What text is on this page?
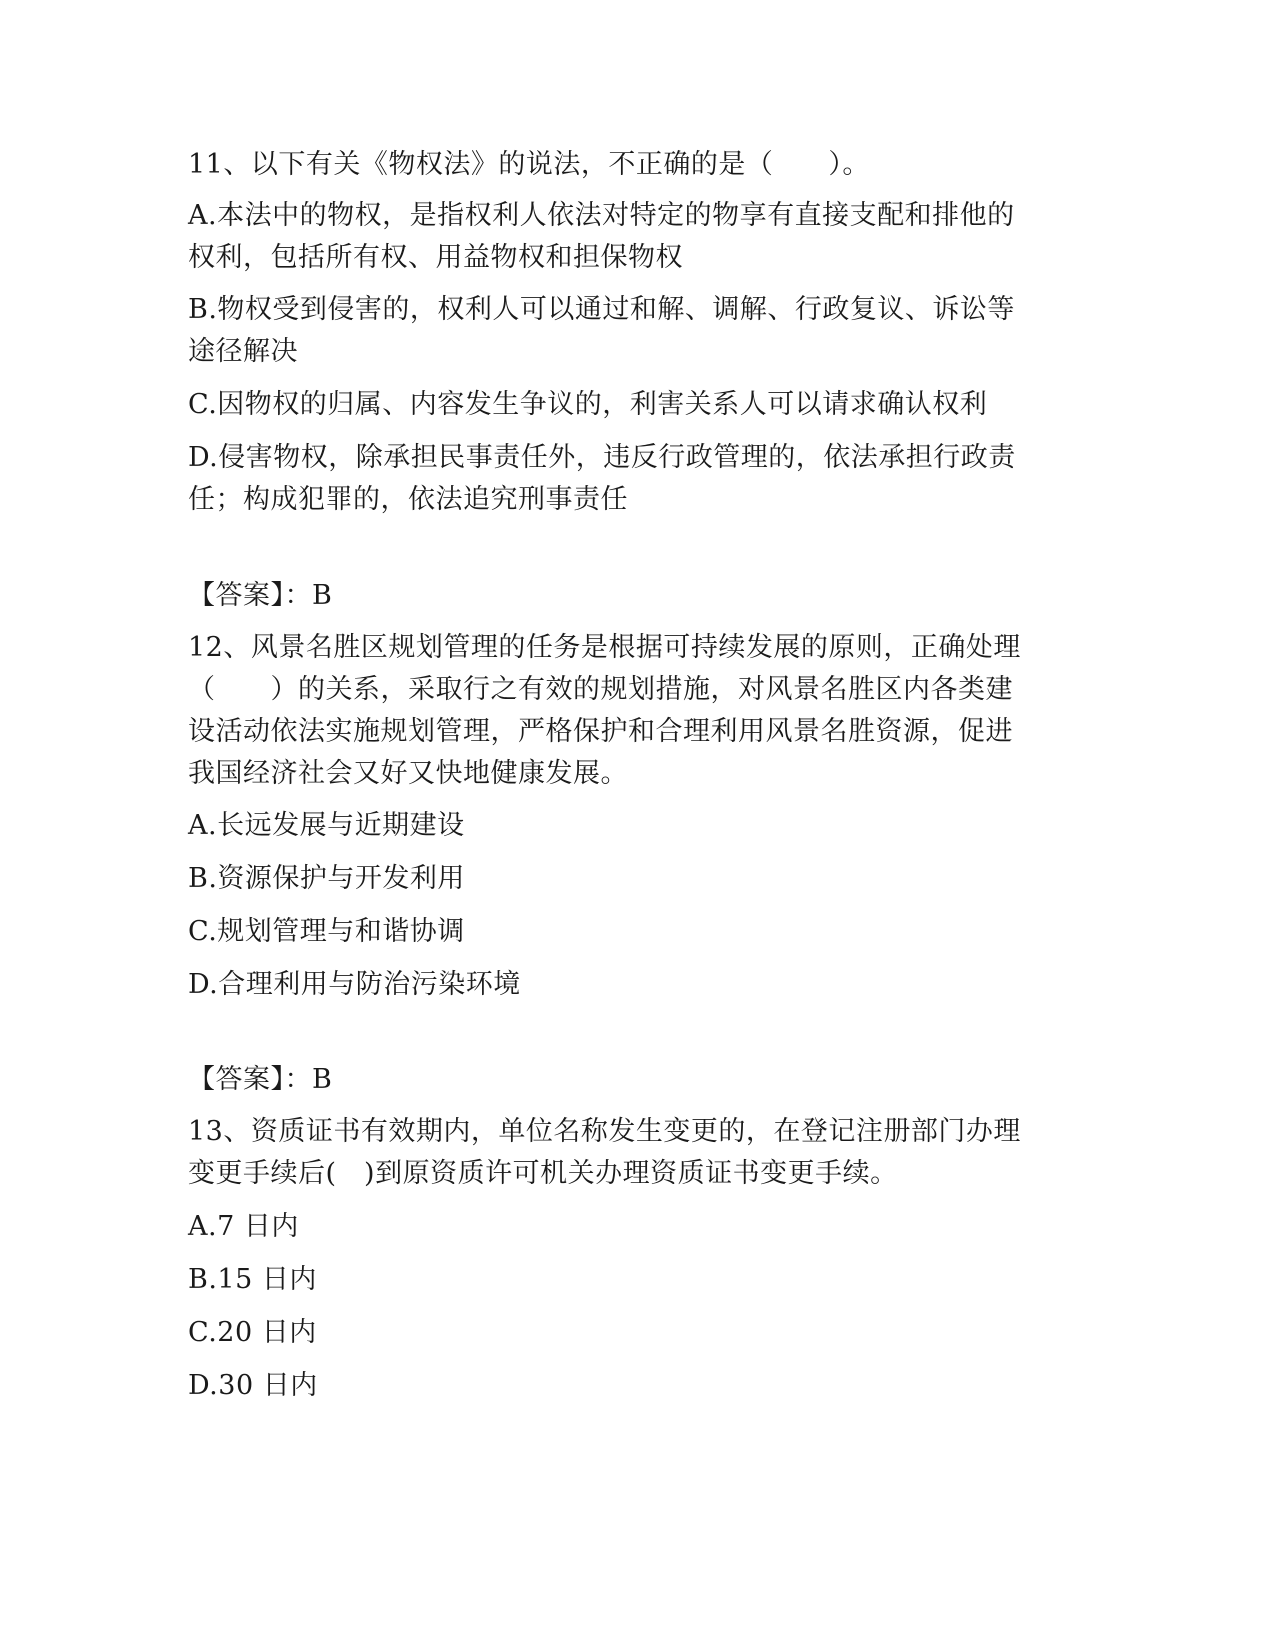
11、以下有关《物权法》的说法，不正确的是（　　）。
A.本法中的物权，是指权利人依法对特定的物享有直接支配和排他的
权利，包括所有权、用益物权和担保物权
B.物权受到侵害的，权利人可以通过和解、调解、行政复议、诉讼等
途径解决
C.因物权的归属、内容发生争议的，利害关系人可以请求确认权利
D.侵害物权，除承担民事责任外，违反行政管理的，依法承担行政责
任；构成犯罪的，依法追究刑事责任
【答案】：B
12、风景名胜区规划管理的任务是根据可持续发展的原则，正确处理
（　　）的关系，采取行之有效的规划措施，对风景名胜区内各类建
设活动依法实施规划管理，严格保护和合理利用风景名胜资源，促进
我国经济社会又好又快地健康发展。
A.长远发展与近期建设
B.资源保护与开发利用
C.规划管理与和谐协调
D.合理利用与防治污染环境
【答案】：B
13、资质证书有效期内，单位名称发生变更的，在登记注册部门办理
变更手续后(　)到原资质许可机关办理资质证书变更手续。
A.7 日内
B.15 日内
C.20 日内
D.30 日内
